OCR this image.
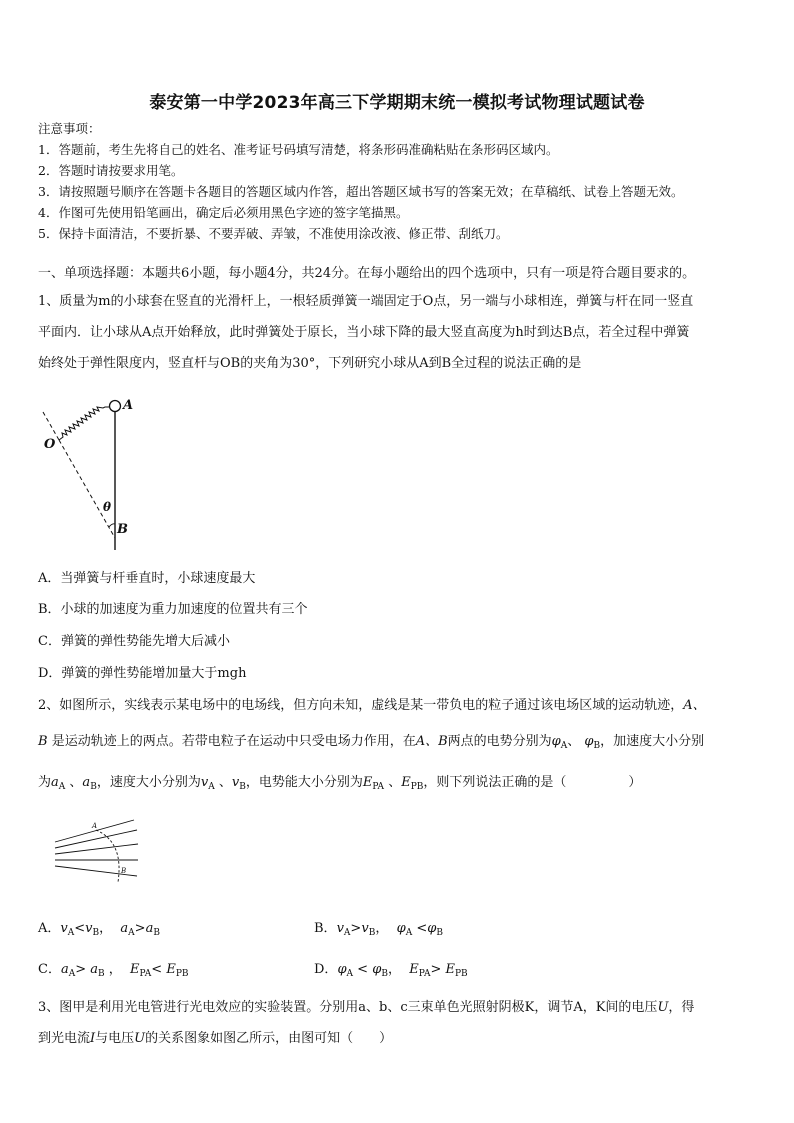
泰安第一中学2023年高三下学期期末统一模拟考试物理试题试卷
注意事项：
1．答题前，考生先将自己的姓名、准考证号码填写清楚，将条形码准确粘贴在条形码区域内。
2．答题时请按要求用笔。
3．请按照题号顺序在答题卡各题目的答题区域内作答，超出答题区域书写的答案无效；在草稿纸、试卷上答题无效。
4．作图可先使用铅笔画出，确定后必须用黑色字迹的签字笔描黑。
5．保持卡面清洁，不要折暴、不要弄破、弄皱，不准使用涂改液、修正带、刮纸刀。
一、单项选择题：本题共6小题，每小题4分，共24分。在每小题给出的四个选项中，只有一项是符合题目要求的。
1、质量为m的小球套在竖直的光滑杆上，一根轻质弹簧一端固定于O点，另一端与小球相连，弹簧与杆在同一竖直
平面内．让小球从A点开始释放，此时弹簧处于原长，当小球下降的最大竖直高度为h时到达B点，若全过程中弹簧
始终处于弹性限度内，竖直杆与OB的夹角为30°，下列研究小球从A到B全过程的说法正确的是
A
O
θ
B
A．当弹簧与杆垂直时，小球速度最大
B．小球的加速度为重力加速度的位置共有三个
C．弹簧的弹性势能先增大后减小
D．弹簧的弹性势能增加量大于mgh
2、如图所示，实线表示某电场中的电场线，但方向未知，虚线是某一带负电的粒子通过该电场区域的运动轨迹，A、
B 是运动轨迹上的两点。若带电粒子在运动中只受电场力作用，在A、B两点的电势分别为$\varphi_A$、 $\varphi_B$，加速度大小分别
为$a_A$ 、$a_B$，速度大小分别为$v_A$ 、$v_B$，电势能大小分别为$E_{PA}$ 、$E_{PB}$，则下列说法正确的是（	）
A
B
A．$v_A<v_B$，  $a_A>a_B$	B．$v_A>v_B$，  $\varphi_A <\varphi_B$
C．$a_A> a_B$ ，  $E_{PA}< E_{PB}$	D．$\varphi_A < \varphi_B$，  $E_{PA}> E_{PB}$
3、图甲是利用光电管进行光电效应的实验装置。分别用a、b、c三束单色光照射阴极K，调节A，K间的电压U，得
到光电流I与电压U的关系图象如图乙所示，由图可知（　　）
